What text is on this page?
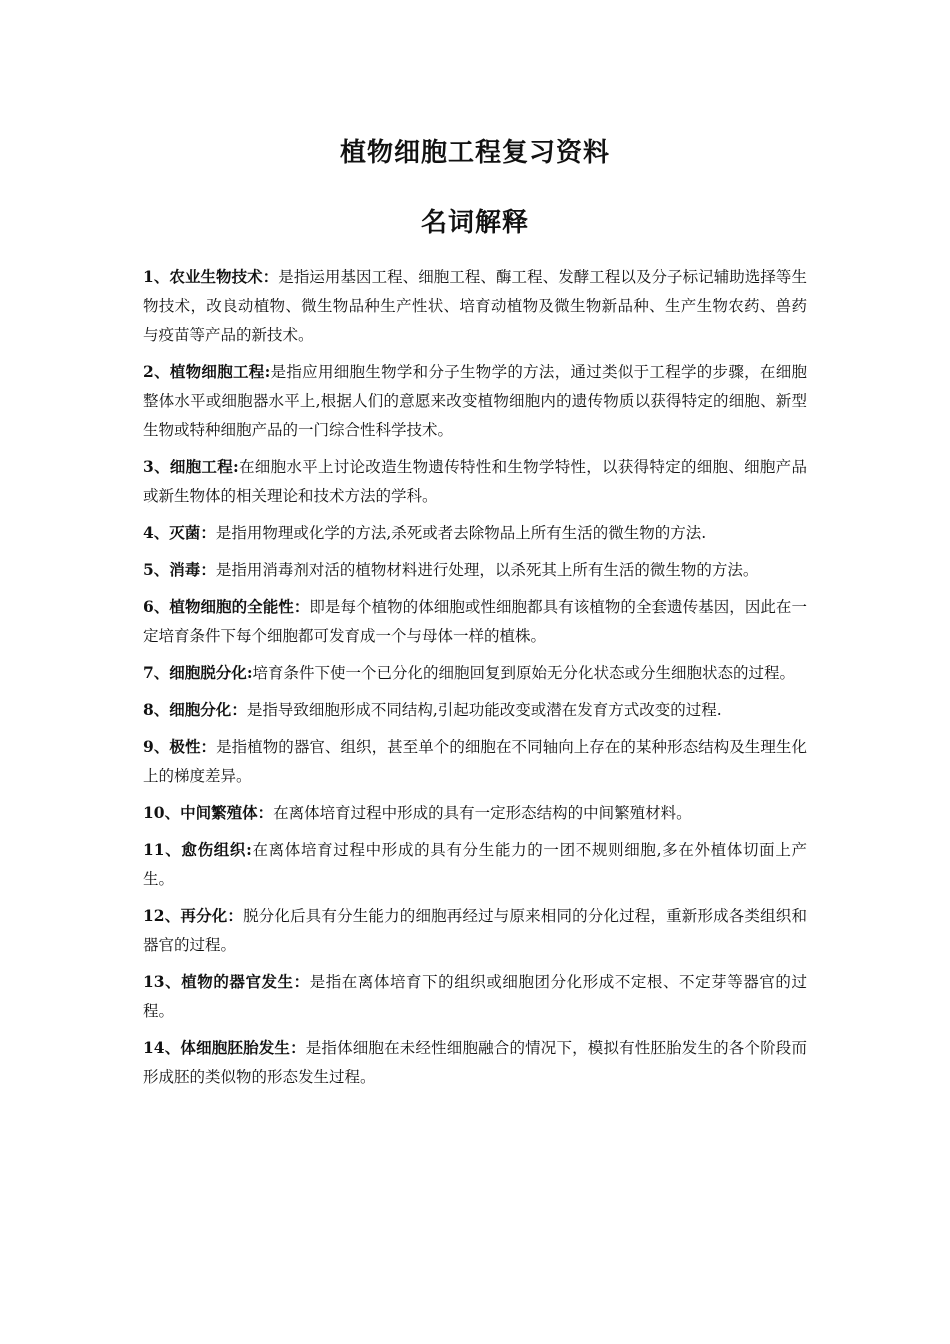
植物细胞工程复习资料
名词解释
1、农业生物技术：是指运用基因工程、细胞工程、酶工程、发酵工程以及分子标记辅助选择等生物技术，改良动植物、微生物品种生产性状、培育动植物及微生物新品种、生产生物农药、兽药与疫苗等产品的新技术。
2、植物细胞工程:是指应用细胞生物学和分子生物学的方法，通过类似于工程学的步骤，在细胞整体水平或细胞器水平上,根据人们的意愿来改变植物细胞内的遗传物质以获得特定的细胞、新型生物或特种细胞产品的一门综合性科学技术。
3、细胞工程:在细胞水平上讨论改造生物遗传特性和生物学特性，以获得特定的细胞、细胞产品或新生物体的相关理论和技术方法的学科。
4、灭菌：是指用物理或化学的方法,杀死或者去除物品上所有生活的微生物的方法.
5、消毒：是指用消毒剂对活的植物材料进行处理，以杀死其上所有生活的微生物的方法。
6、植物细胞的全能性：即是每个植物的体细胞或性细胞都具有该植物的全套遗传基因，因此在一定培育条件下每个细胞都可发育成一个与母体一样的植株。
7、细胞脱分化:培育条件下使一个已分化的细胞回复到原始无分化状态或分生细胞状态的过程。
8、细胞分化：是指导致细胞形成不同结构,引起功能改变或潜在发育方式改变的过程.
9、极性：是指植物的器官、组织，甚至单个的细胞在不同轴向上存在的某种形态结构及生理生化上的梯度差异。
10、中间繁殖体：在离体培育过程中形成的具有一定形态结构的中间繁殖材料。
11、愈伤组织:在离体培育过程中形成的具有分生能力的一团不规则细胞,多在外植体切面上产生。
12、再分化：脱分化后具有分生能力的细胞再经过与原来相同的分化过程，重新形成各类组织和器官的过程。
13、植物的器官发生：是指在离体培育下的组织或细胞团分化形成不定根、不定芽等器官的过程。
14、体细胞胚胎发生：是指体细胞在未经性细胞融合的情况下，模拟有性胚胎发生的各个阶段而形成胚的类似物的形态发生过程。
